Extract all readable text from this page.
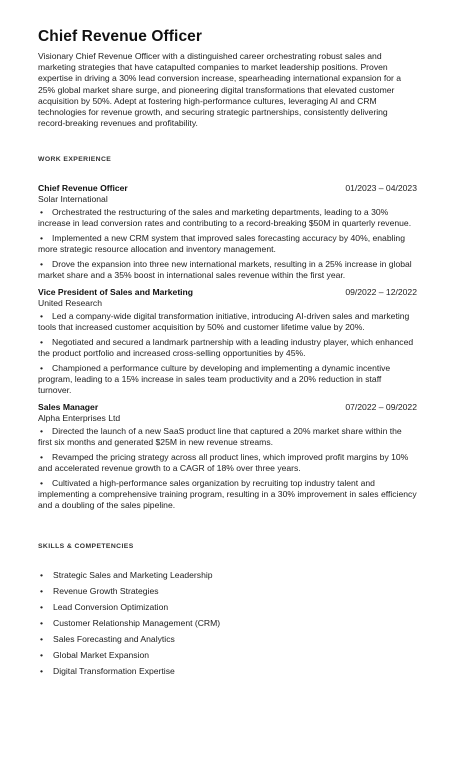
Chief Revenue Officer

Visionary Chief Revenue Officer with a distinguished career orchestrating robust sales and marketing strategies that have catapulted companies to market leadership positions. Proven expertise in driving a 30% lead conversion increase, spearheading international expansion for a 25% global market share surge, and pioneering digital transformations that elevated customer acquisition by 50%. Adept at fostering high-performance cultures, leveraging AI and CRM technologies for revenue growth, and securing strategic partnerships, consistently delivering record-breaking revenues and profitability.

WORK EXPERIENCE
Chief Revenue Officer	01/2023 – 04/2023
Solar International
• Orchestrated the restructuring of the sales and marketing departments, leading to a 30% increase in lead conversion rates and contributing to a record-breaking $50M in quarterly revenue.
• Implemented a new CRM system that improved sales forecasting accuracy by 40%, enabling more strategic resource allocation and inventory management.
• Drove the expansion into three new international markets, resulting in a 25% increase in global market share and a 35% boost in international sales revenue within the first year.
Vice President of Sales and Marketing	09/2022 – 12/2022
United Research
• Led a company-wide digital transformation initiative, introducing AI-driven sales and marketing tools that increased customer acquisition by 50% and customer lifetime value by 20%.
• Negotiated and secured a landmark partnership with a leading industry player, which enhanced the product portfolio and increased cross-selling opportunities by 45%.
• Championed a performance culture by developing and implementing a dynamic incentive program, leading to a 15% increase in sales team productivity and a 20% reduction in staff turnover.
Sales Manager	07/2022 – 09/2022
Alpha Enterprises Ltd
• Directed the launch of a new SaaS product line that captured a 20% market share within the first six months and generated $25M in new revenue streams.
• Revamped the pricing strategy across all product lines, which improved profit margins by 10% and accelerated revenue growth to a CAGR of 18% over three years.
• Cultivated a high-performance sales organization by recruiting top industry talent and implementing a comprehensive training program, resulting in a 30% improvement in sales efficiency and a doubling of the sales pipeline.
SKILLS & COMPETENCIES
•	Strategic Sales and Marketing Leadership
•	Revenue Growth Strategies
•	Lead Conversion Optimization
•	Customer Relationship Management (CRM)
•	Sales Forecasting and Analytics
•	Global Market Expansion
•	Digital Transformation Expertise
